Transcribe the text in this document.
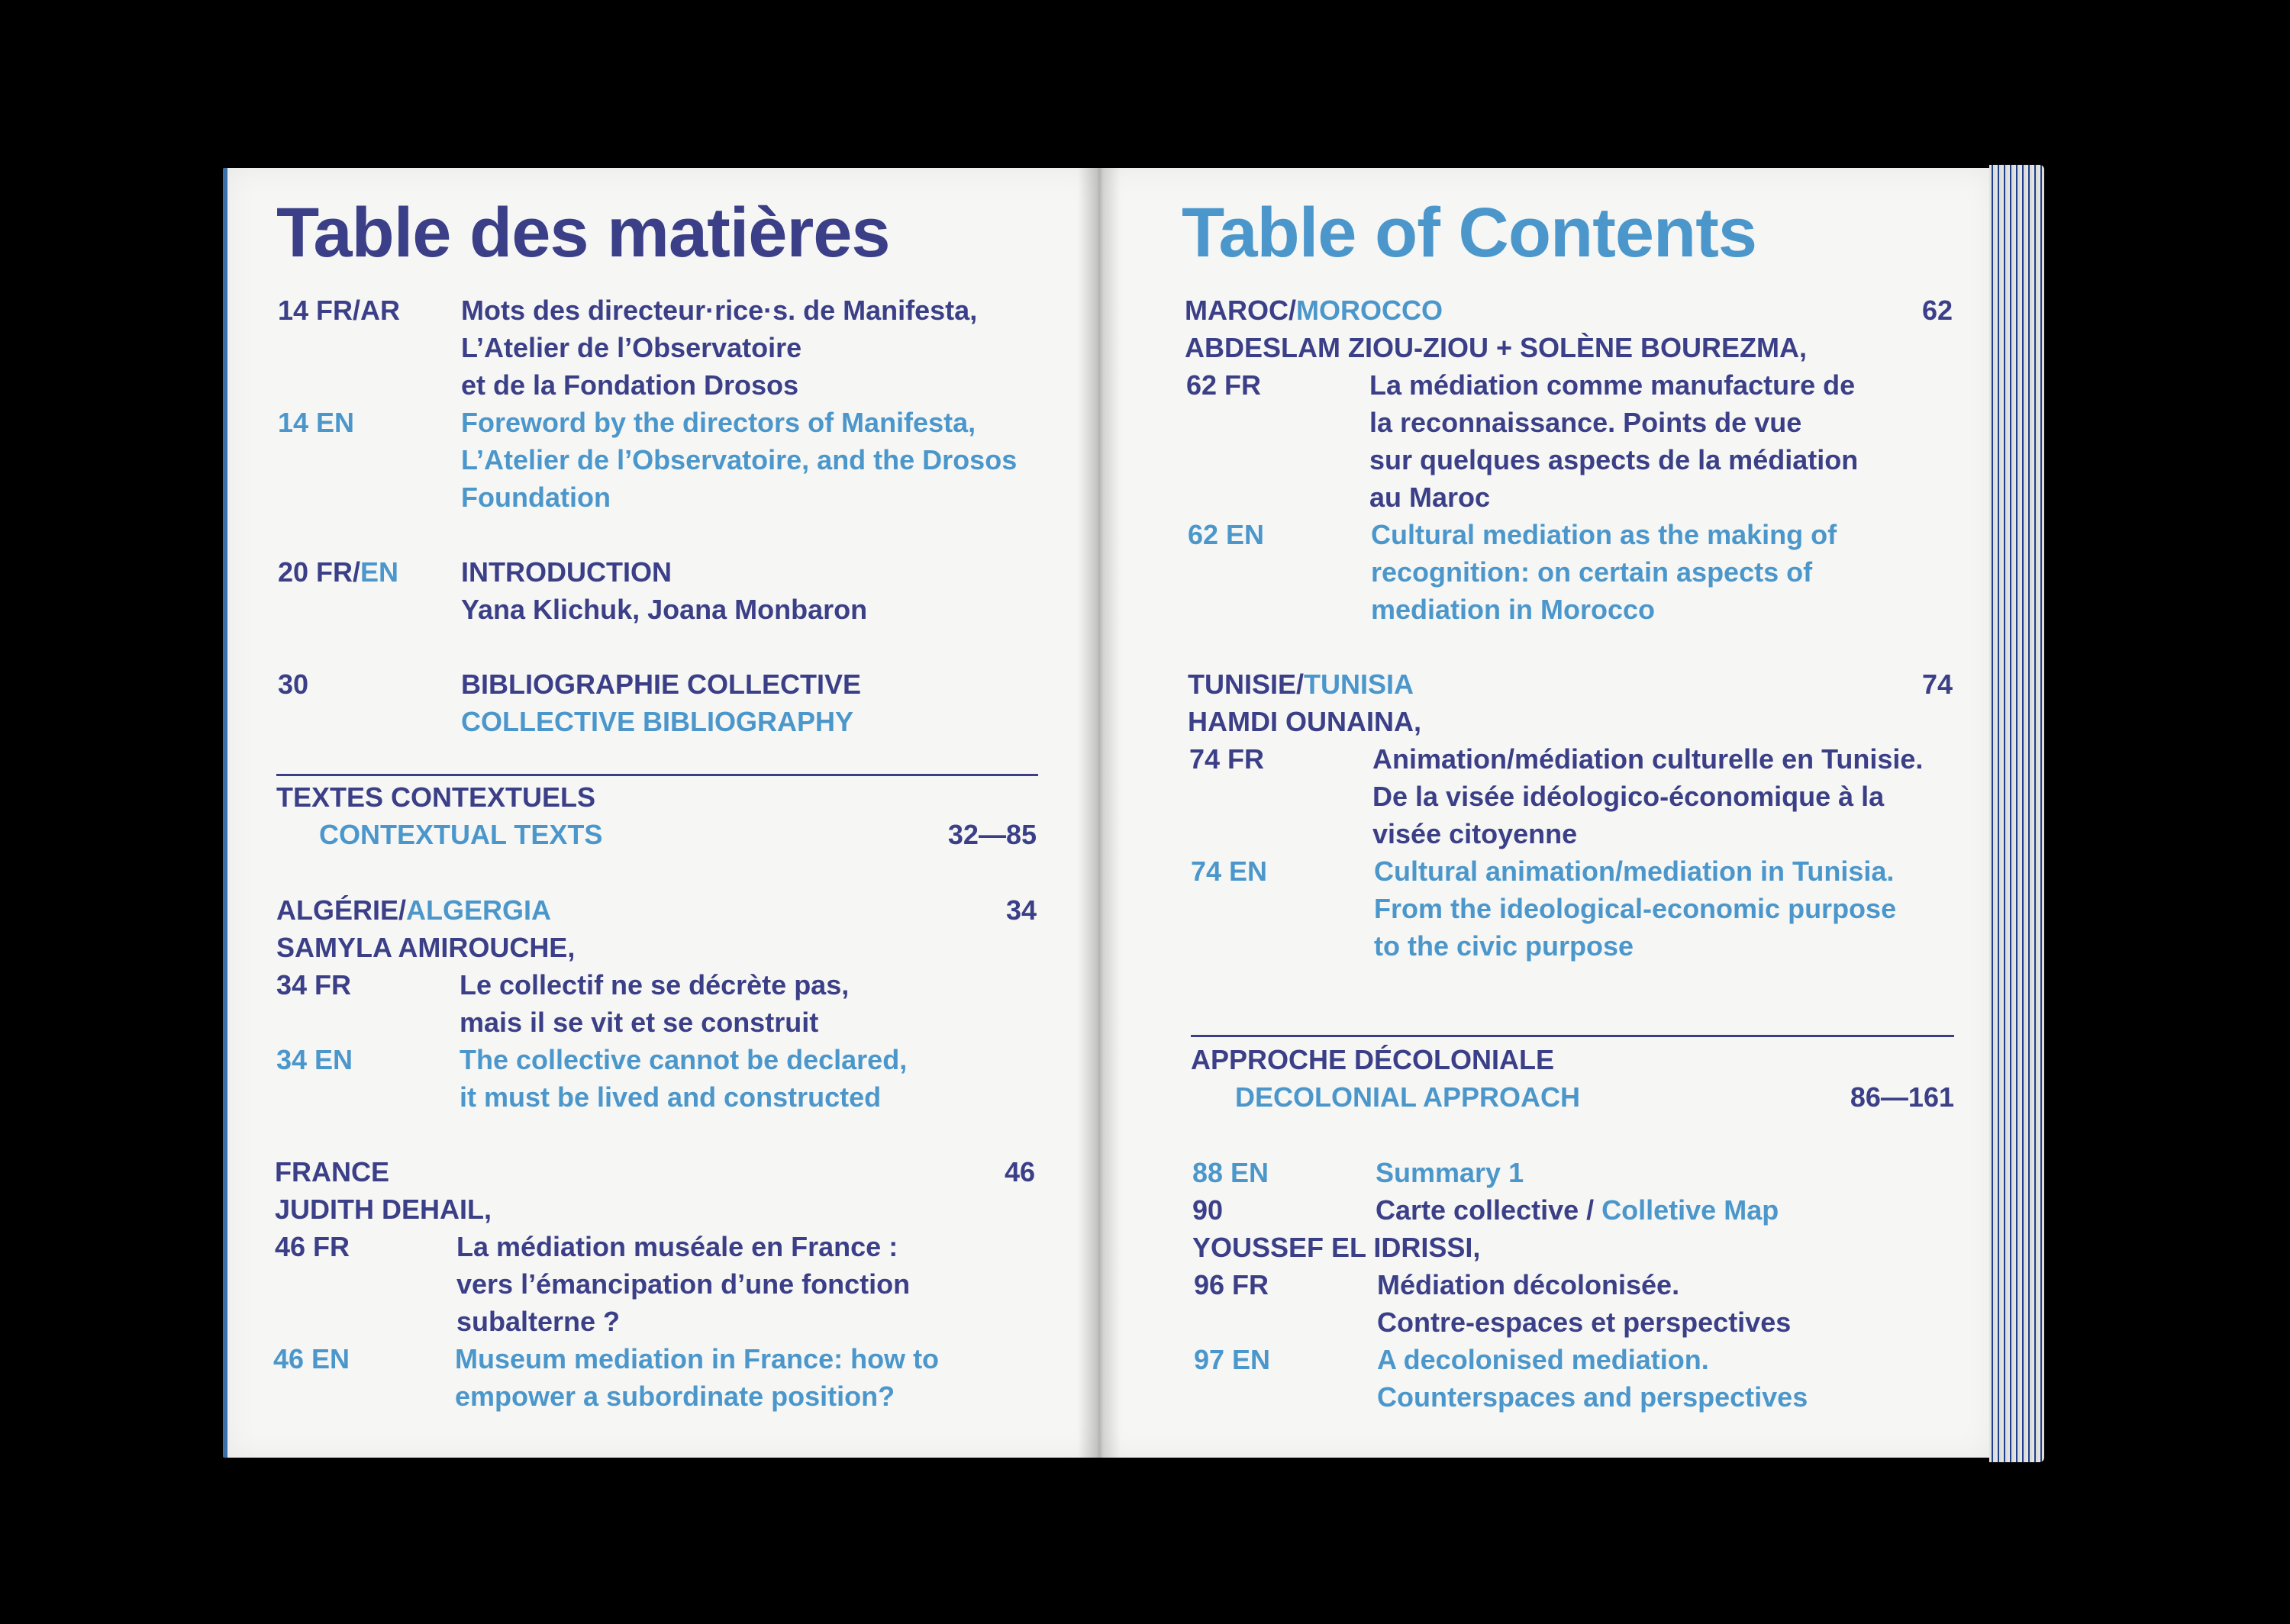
Table des matières
14 FR/AR Mots des directeur·rice·s. de Manifesta,
L’Atelier de l’Observatoire
et de la Fondation Drosos
14 EN	Foreword by the directors of Manifesta,
L’Atelier de l’Observatoire, and the Drosos
Foundation
20 FR/EN INTRODUCTION
Yana Klichuk, Joana Monbaron
30	BIBLIOGRAPHIE COLLECTIVE
COLLECTIVE BIBLIOGRAPHY
TEXTES CONTEXTUELS
CONTEXTUAL TEXTS	32—85
ALGÉRIE/ALGERGIA	34
SAMYLA AMIROUCHE,
34 FR	Le collectif ne se décrète pas,
mais il se vit et se construit
34 EN	The collective cannot be declared,
it must be lived and constructed
FRANCE	46
JUDITH DEHAIL,
46 FR	La médiation muséale en France :
vers l’émancipation d’une fonction
subalterne ?
46 EN	Museum mediation in France: how to
empower a subordinate position?
Table of Contents
MAROC/MOROCCO	62
ABDESLAM ZIOU-ZIOU + SOLÈNE BOUREZMA,
62 FR	La médiation comme manufacture de
la reconnaissance. Points de vue
sur quelques aspects de la médiation
au Maroc
62 EN	Cultural mediation as the making of
recognition: on certain aspects of
mediation in Morocco
TUNISIE/TUNISIA	74
HAMDI OUNAINA,
74 FR	Animation/médiation culturelle en Tunisie.
De la visée idéologico-économique à la
visée citoyenne
74 EN	Cultural animation/mediation in Tunisia.
From the ideological-economic purpose
to the civic purpose
APPROCHE DÉCOLONIALE
DECOLONIAL APPROACH	86—161
88 EN	Summary 1
90	Carte collective / Colletive Map
YOUSSEF EL IDRISSI,
96 FR	Médiation décolonisée.
Contre-espaces et perspectives
97 EN	A decolonised mediation.
Counterspaces and perspectives
